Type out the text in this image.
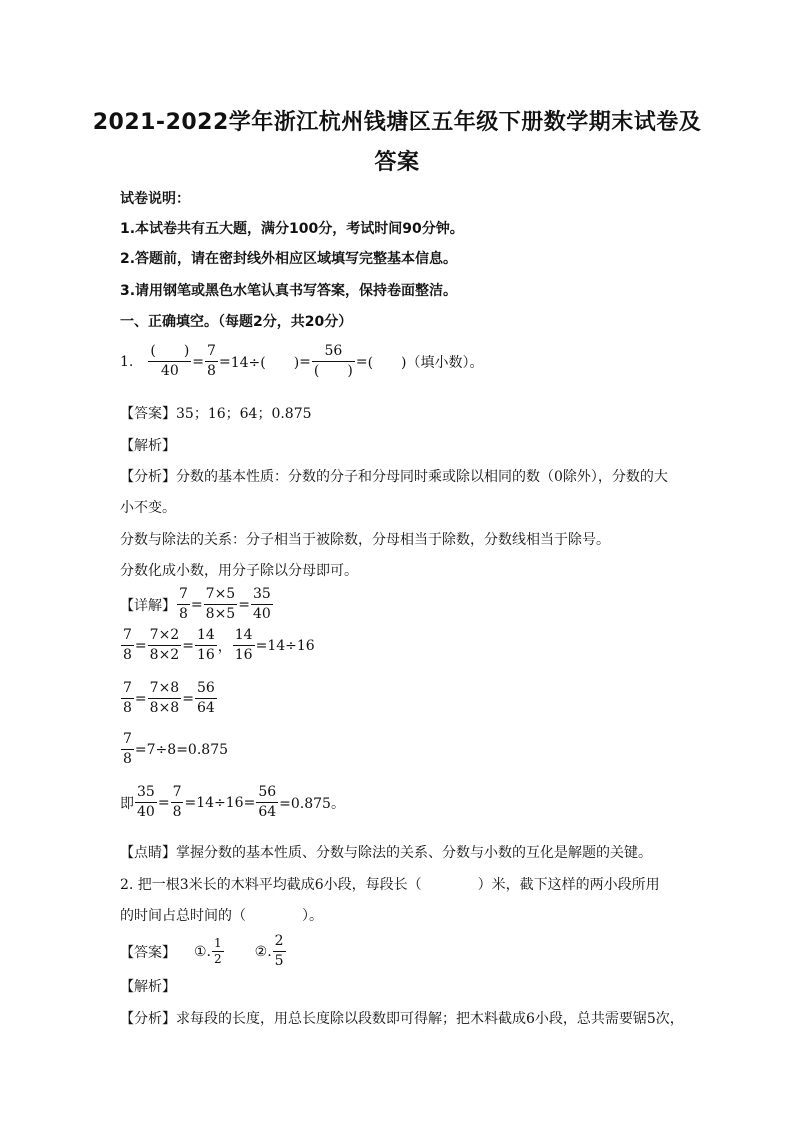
2021-2022学年浙江杭州钱塘区五年级下册数学期末试卷及
答案
试卷说明：
1.本试卷共有五大题，满分100分，考试时间90分钟。
2.答题前，请在密封线外相应区域填写完整基本信息。
3.请用钢笔或黑色水笔认真书写答案，保持卷面整洁。
一、正确填空。（每题2分，共20分）
1. $\frac{( )}{40} = \frac{7}{8} = 14\div$(　　) = $\frac{56}{( )}$ = (　　)（填小数）。
【答案】35；16；64；0.875
【解析】
【分析】分数的基本性质：分数的分子和分母同时乘或除以相同的数（0除外），分数的大
小不变。
分数与除法的关系：分子相当于被除数，分母相当于除数，分数线相当于除号。
分数化成小数，用分子除以分母即可。
【详解】 $\frac{7}{8} = \frac{7\times 5}{8\times 5} = \frac{35}{40}$
$\frac{7}{8} = \frac{7\times 2}{8\times 2} = \frac{14}{16}$ ， $\frac{14}{16} =14\div 16$
$\frac{7}{8} = \frac{7\times 8}{8\times 8} = \frac{56}{64}$
$\frac{7}{8} =7\div 8=0.875$
即 $\frac{35}{40} = \frac{7}{8} =14\div 16= \frac{56}{64} =0.875$。
【点睛】掌握分数的基本性质、分数与除法的关系、分数与小数的互化是解题的关键。
2. 把一根3米长的木料平均截成6小段，每段长（　　　　）米，截下这样的两小段所用
的时间占总时间的（　　　　）。
【答案】 ①. $\frac{1}{2}$ ②. $\frac{2}{5}$
【解析】
【分析】求每段的长度，用总长度除以段数即可得解；把木料截成6小段，总共需要锯5次，
